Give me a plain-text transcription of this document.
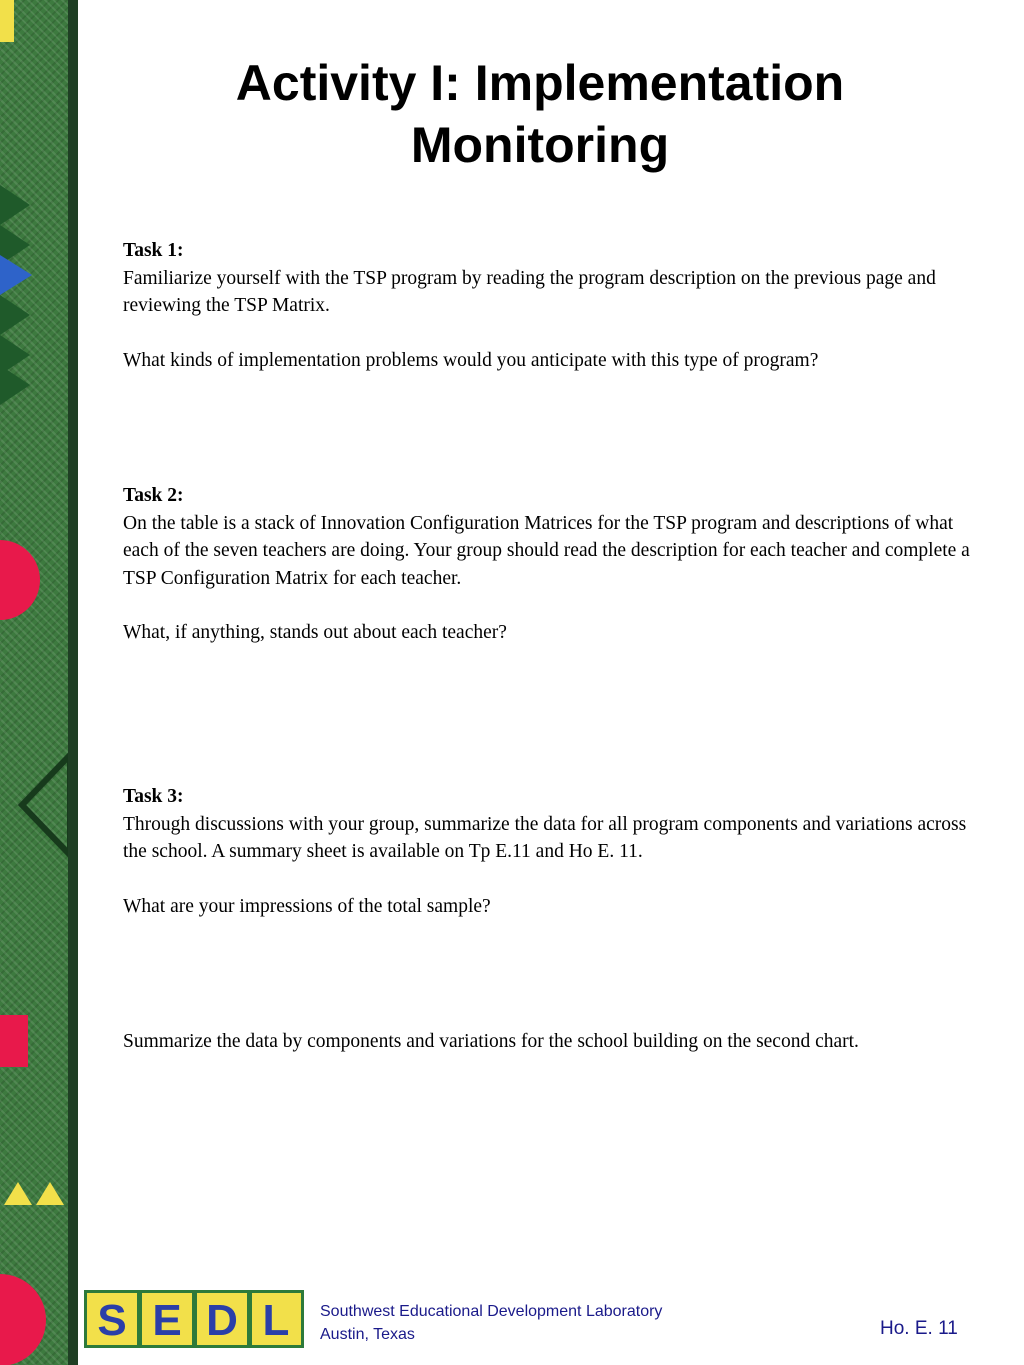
Activity I: Implementation Monitoring

Task 1:

Familiarize yourself with the TSP program by reading the program description on the previous page and reviewing the TSP Matrix.

What kinds of implementation problems would you anticipate with this type of program?

Task 2:

On the table is a stack of Innovation Configuration Matrices for the TSP program and descriptions of what each of the seven teachers are doing. Your group should read the description for each teacher and complete a TSP Configuration Matrix for each teacher.

What, if anything, stands out about each teacher?

Task 3:

Through discussions with your group, summarize the data for all program components and variations across the school. A summary sheet is available on Tp E.11 and Ho E. 11.

What are your impressions of the total sample?

Summarize the data by components and variations for the school building on the second chart.

S E D L Southwest Educational Development Laboratory
Austin, Texas	Ho. E. 11
